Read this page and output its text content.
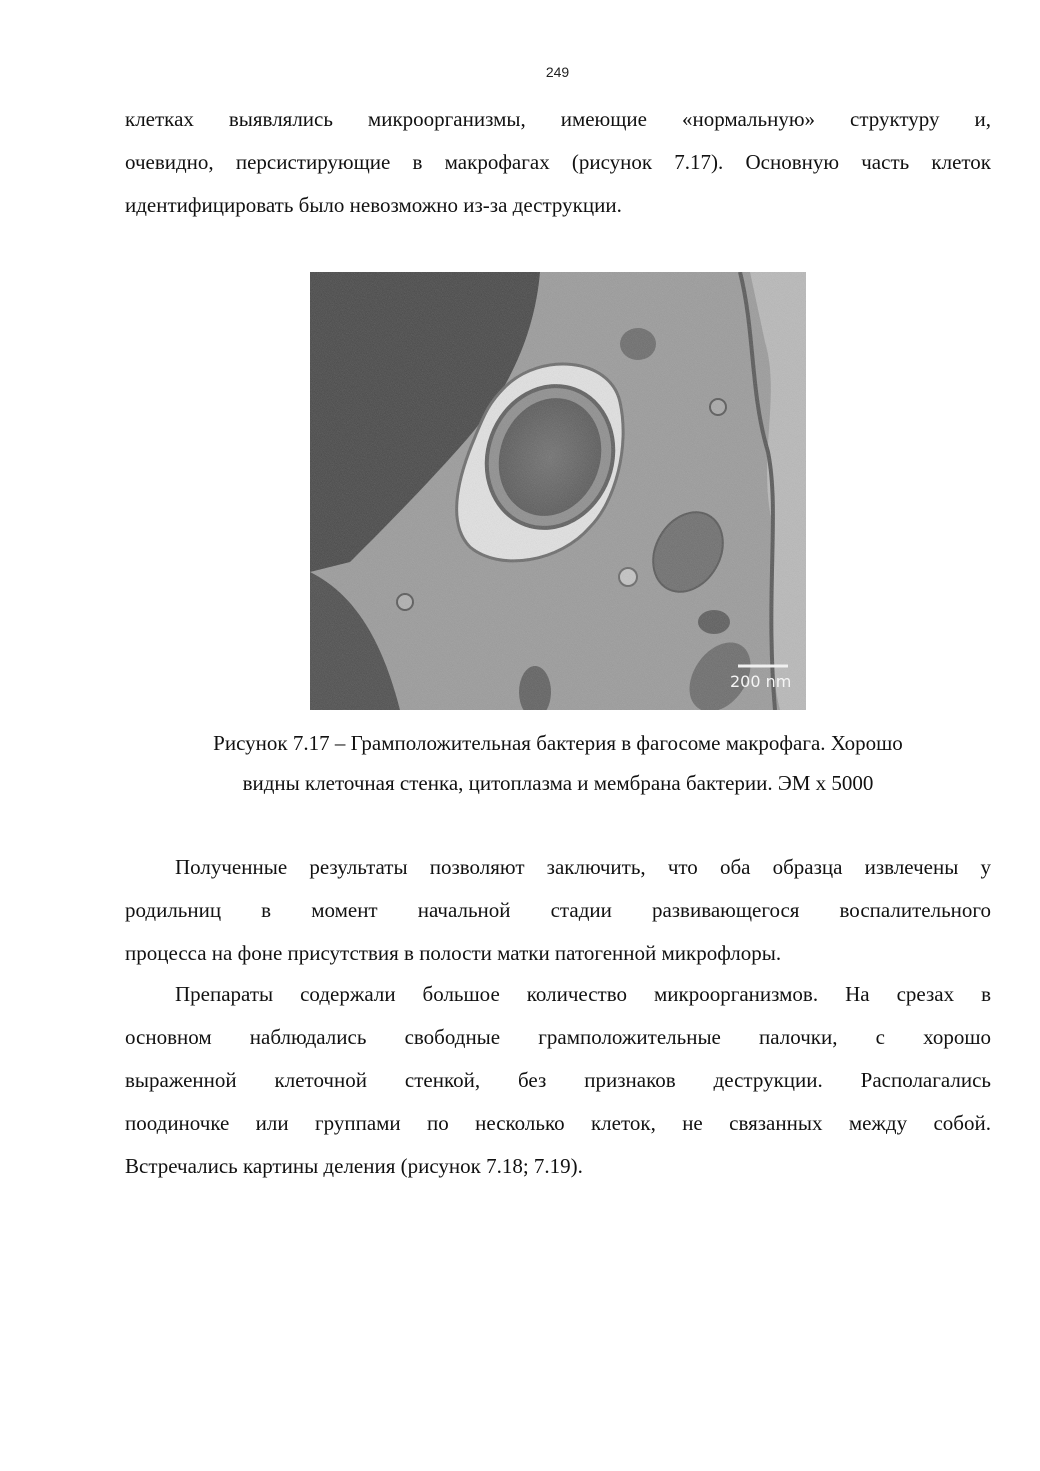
249
клетках выявлялись микроорганизмы, имеющие «нормальную» структуру и,
очевидно, персистирующие в макрофагах (рисунок 7.17). Основную часть клеток
идентифицировать было невозможно из-за деструкции.
200 nm
Рисунок 7.17 – Грамположительная бактерия в фагосоме макрофага. Хорошо
видны клеточная стенка, цитоплазма и мембрана бактерии. ЭМ х 5000
Полученные результаты позволяют заключить, что оба образца извлечены у
родильниц в момент начальной стадии развивающегося воспалительного
процесса на фоне присутствия в полости матки патогенной микрофлоры.
Препараты содержали большое количество микроорганизмов. На срезах в
основном наблюдались свободные грамположительные палочки, с хорошо
выраженной клеточной стенкой, без признаков деструкции. Располагались
поодиночке или группами по несколько клеток, не связанных между собой.
Встречались картины деления (рисунок 7.18; 7.19).
